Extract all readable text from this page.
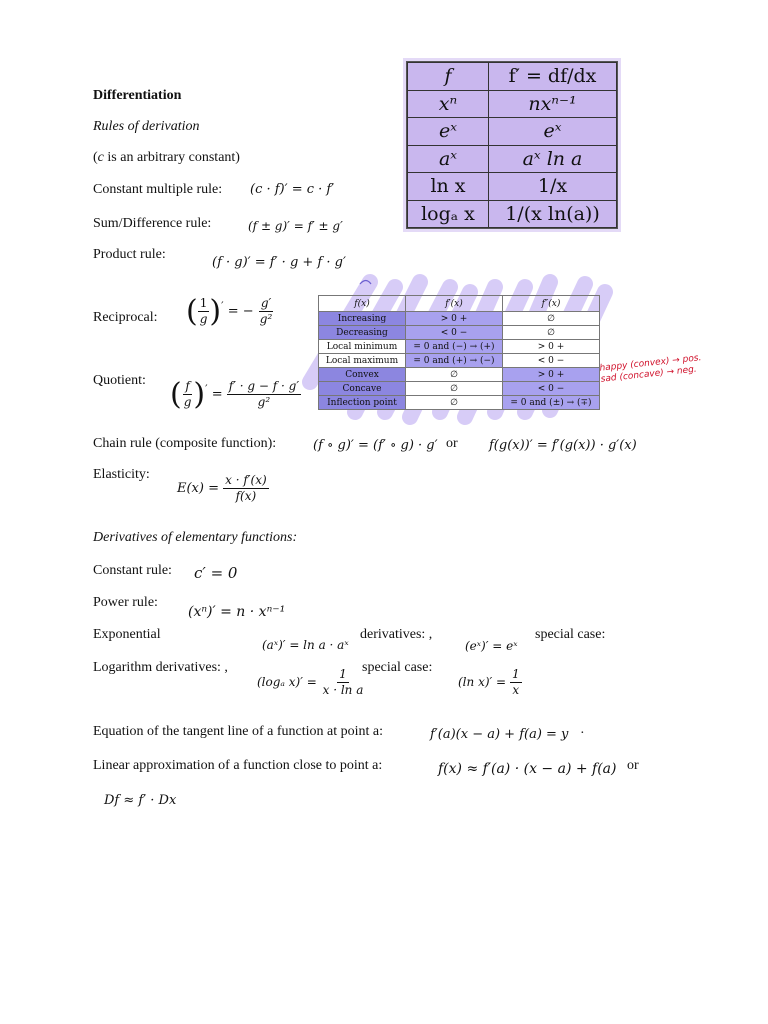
Differentiation
Rules of derivation
(c is an arbitrary constant)
Constant multiple rule: (c · f)′ = c · f′
Sum/Difference rule:	(f ± g)′ = f′ ± g′
Product rule:
(f · g)′ = f′ · g + f · g′
Reciprocal: ( $\frac{1}{g} )'$ = − $\frac{g'}{\text{g²}}$
Quotient: ( $\frac{f}{g} )' = \frac{f' \cdot g - f \cdot g'}{\text{g²}}$
Chain rule (composite function):	(f ∘ g)′ = (f′ ∘ g) · g′ or f(g(x))′ = f′(g(x)) · g′(x)
Elasticity:
$E(x) = \frac{x \cdot f'(x)}{f(x)}$
Derivatives of elementary functions:
Constant rule: c′ = 0
Power rule:
(xⁿ)′ = n · xⁿ⁻¹
Exponential
(aˣ)′ = ln a · aˣ
derivatives: ,
(eˣ)′ = eˣ
special case:
Logarithm derivatives: ,
(logₐ $x)' = \frac{1}{\text{x · ln a}}$
special case:
(ln $x)' = \frac{1}{x}$
Equation of the tangent line of a function at point a:	f′(a)(x − a) + f(a) = y ·
Linear approximation of a function close to point a:	f(x) ≈ f′(a) · (x − a) + f(a) or
Df ≈ f′ · Dx
f	f′ = df/dx
xⁿ	nxⁿ⁻¹
eˣ	eˣ
aˣ	aˣ ln a
ln x	1/x
logₐ x	1/(x ln(a))
f(x)	f′(x)	f″(x)
Increasing	> 0 +	∅
Decreasing	< 0 −	∅
Local minimum	= 0 and (−) → (+)	> 0 +
Local maximum	= 0 and (+) → (−)	< 0 −
Convex	∅	> 0 +
Concave	∅	< 0 −
Inflection point	∅	= 0 and (±) → (∓)
happy (convex) → pos. sad (concave) → neg.
